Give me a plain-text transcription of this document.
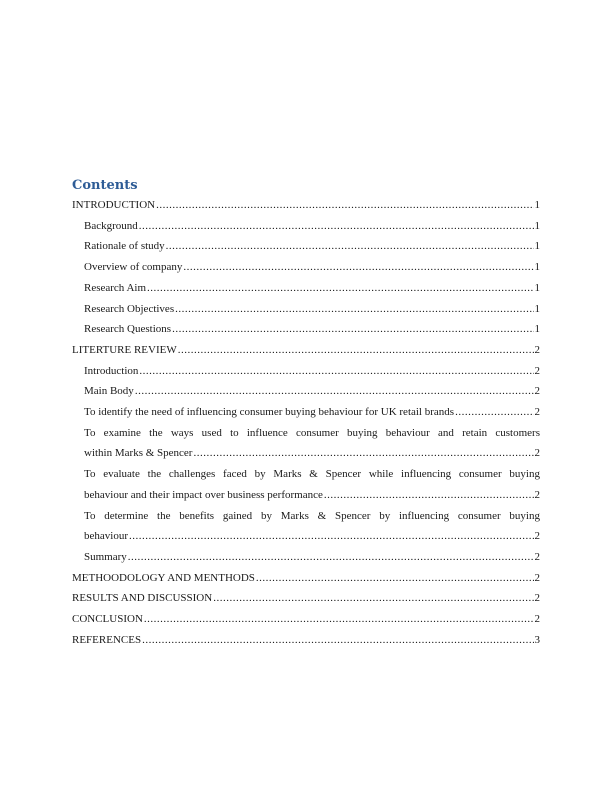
Contents
INTRODUCTION .....	1
Background .....	1
Rationale of study .....	1
Overview of company .....	1
Research Aim .....	1
Research Objectives .....	1
Research Questions .....	1
LITERTURE REVIEW .....	2
Introduction .....	2
Main Body .....	2
To identify the need of influencing consumer buying behaviour for UK retail brands .....	2
To examine the ways used to influence consumer buying behaviour and retain customers
within Marks & Spencer .....	2
To evaluate the challenges faced by Marks & Spencer while influencing consumer buying
behaviour and their impact over business performance .....	2
To determine the benefits gained by Marks & Spencer by influencing consumer buying
behaviour .....	2
Summary .....	2
METHOODOLOGY AND MENTHODS .....	2
RESULTS AND DISCUSSION .....	2
CONCLUSION .....	2
REFERENCES .....	3
